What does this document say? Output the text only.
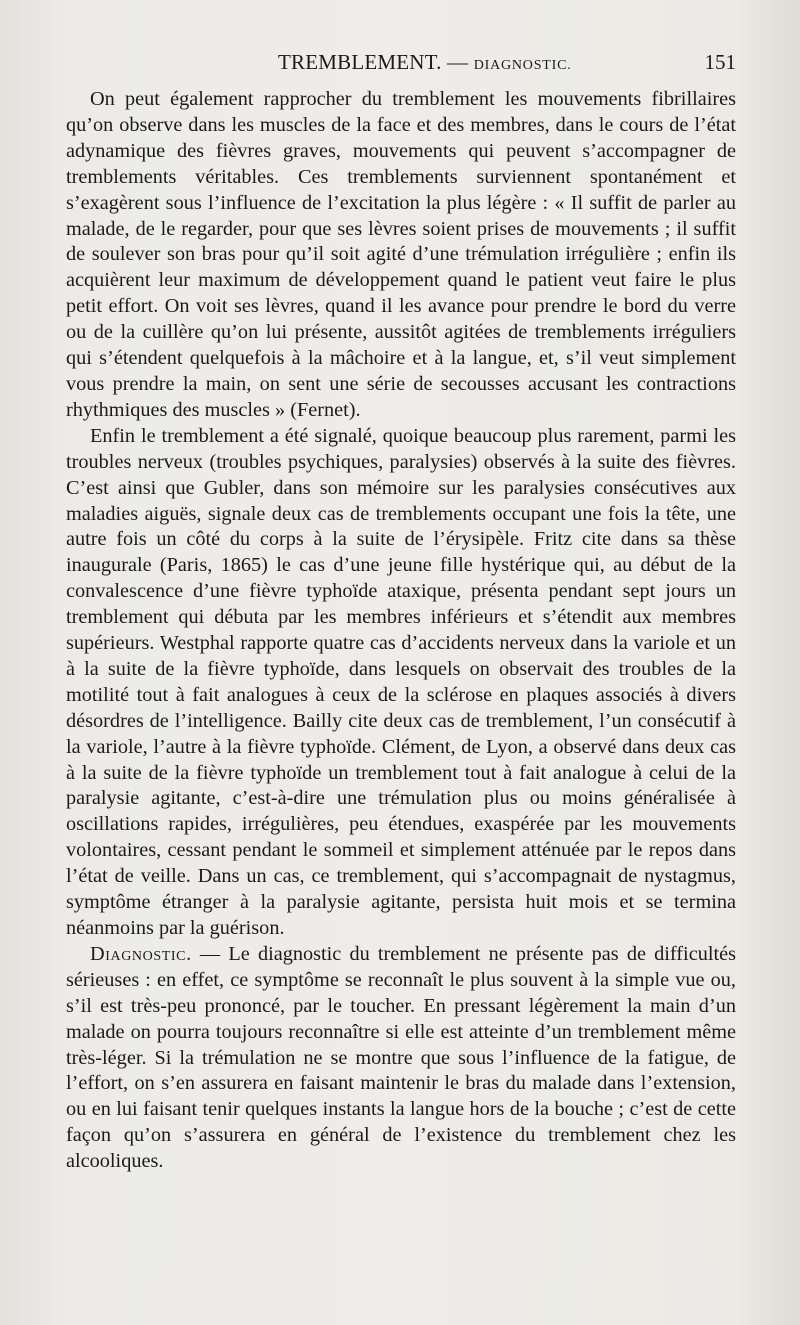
TREMBLEMENT. — DIAGNOSTIC.	151

On peut également rapprocher du tremblement les mouvements fibrillaires qu’on observe dans les muscles de la face et des membres, dans le cours de l’état adynamique des fièvres graves, mouvements qui peuvent s’accompagner de tremblements véritables. Ces tremblements surviennent spontanément et s’exagèrent sous l’influence de l’excitation la plus légère : « Il suffit de parler au malade, de le regarder, pour que ses lèvres soient prises de mouvements ; il suffit de soulever son bras pour qu’il soit agité d’une trémulation irrégulière ; enfin ils acquièrent leur maximum de développement quand le patient veut faire le plus petit effort. On voit ses lèvres, quand il les avance pour prendre le bord du verre ou de la cuillère qu’on lui présente, aussitôt agitées de tremblements irréguliers qui s’étendent quelquefois à la mâchoire et à la langue, et, s’il veut simplement vous prendre la main, on sent une série de secousses accusant les contractions rhythmiques des muscles » (Fernet).

Enfin le tremblement a été signalé, quoique beaucoup plus rarement, parmi les troubles nerveux (troubles psychiques, paralysies) observés à la suite des fièvres. C’est ainsi que Gubler, dans son mémoire sur les paralysies consécutives aux maladies aiguës, signale deux cas de tremblements occupant une fois la tête, une autre fois un côté du corps à la suite de l’érysipèle. Fritz cite dans sa thèse inaugurale (Paris, 1865) le cas d’une jeune fille hystérique qui, au début de la convalescence d’une fièvre typhoïde ataxique, présenta pendant sept jours un tremblement qui débuta par les membres inférieurs et s’étendit aux membres supérieurs. Westphal rapporte quatre cas d’accidents nerveux dans la variole et un à la suite de la fièvre typhoïde, dans lesquels on observait des troubles de la motilité tout à fait analogues à ceux de la sclérose en plaques associés à divers désordres de l’intelligence. Bailly cite deux cas de tremblement, l’un consécutif à la variole, l’autre à la fièvre typhoïde. Clément, de Lyon, a observé dans deux cas à la suite de la fièvre typhoïde un tremblement tout à fait analogue à celui de la paralysie agitante, c’est-à-dire une trémulation plus ou moins généralisée à oscillations rapides, irrégulières, peu étendues, exaspérée par les mouvements volontaires, cessant pendant le sommeil et simplement atténuée par le repos dans l’état de veille. Dans un cas, ce tremblement, qui s’accompagnait de nystagmus, symptôme étranger à la paralysie agitante, persista huit mois et se termina néanmoins par la guérison.

Diagnostic. — Le diagnostic du tremblement ne présente pas de difficultés sérieuses : en effet, ce symptôme se reconnaît le plus souvent à la simple vue ou, s’il est très-peu prononcé, par le toucher. En pressant légèrement la main d’un malade on pourra toujours reconnaître si elle est atteinte d’un tremblement même très-léger. Si la trémulation ne se montre que sous l’influence de la fatigue, de l’effort, on s’en assurera en faisant maintenir le bras du malade dans l’extension, ou en lui faisant tenir quelques instants la langue hors de la bouche ; c’est de cette façon qu’on s’assurera en général de l’existence du tremblement chez les alcooliques.
